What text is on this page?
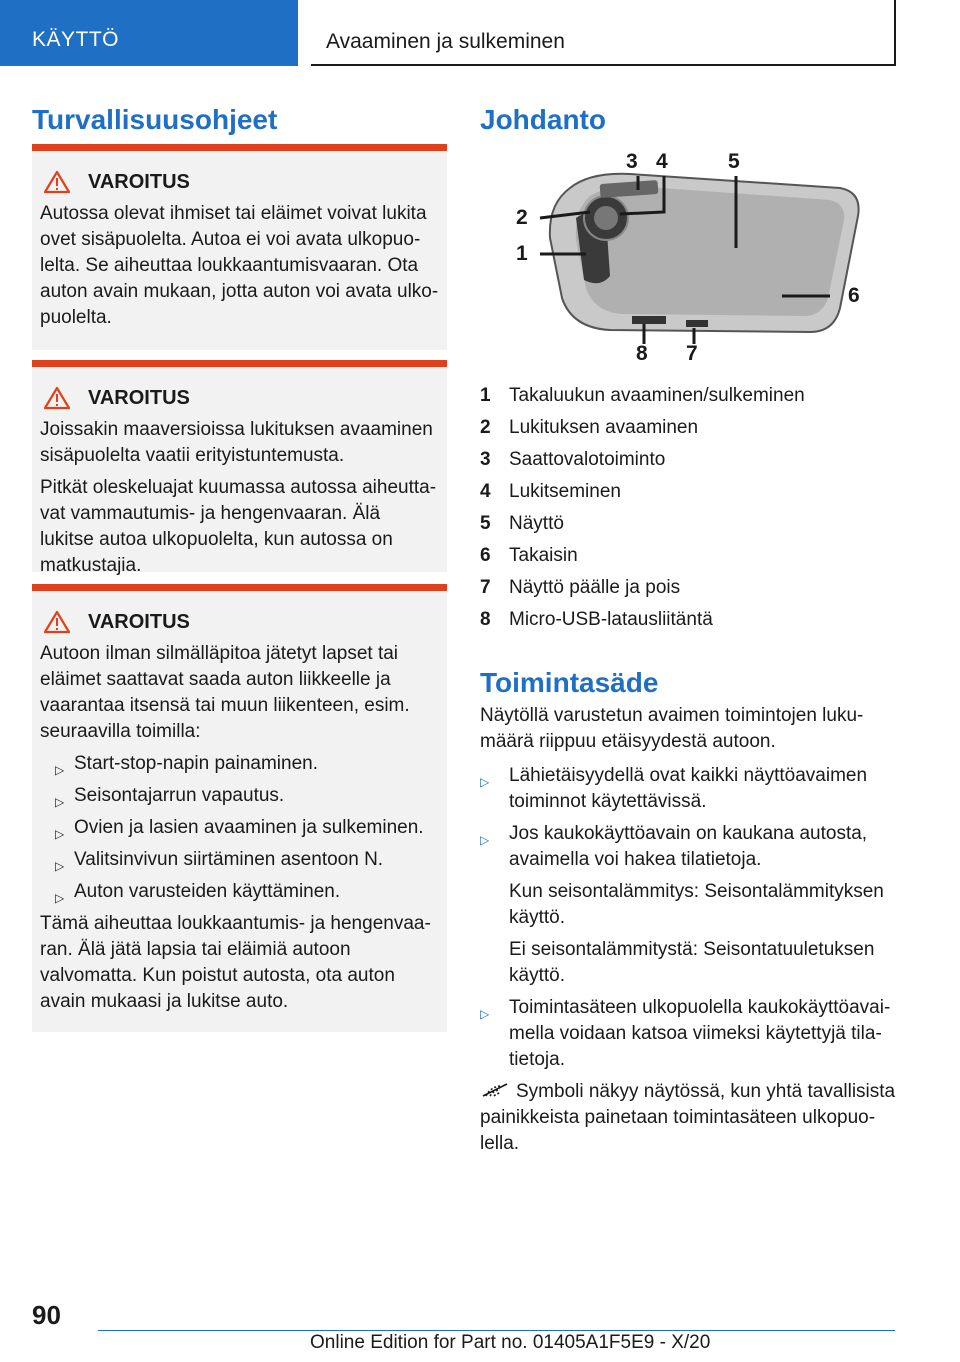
KÄYTTÖ	Avaaminen ja sulkeminen
Turvallisuusohjeet
VAROITUS

Autossa olevat ihmiset tai eläimet voivat lukita ovet sisäpuolelta. Autoa ei voi avata ulkopuolelta. Se aiheuttaa loukkaantumisvaaran. Ota auton avain mukaan, jotta auton voi avata ulkopuolelta.

VAROITUS

Joissakin maaversioissa lukituksen avaaminen sisäpuolelta vaatii erityistuntemusta.

Pitkät oleskeluajat kuumassa autossa aiheuttavat vammautumis- ja hengenvaaran. Älä lukitse autoa ulkopuolelta, kun autossa on matkustajia.

VAROITUS

Autoon ilman silmälläpitoa jätetyt lapset tai eläimet saattavat saada auton liikkeelle ja vaarantaa itsensä tai muun liikenteen, esim. seuraavilla toimilla:

▷ Start-stop-napin painaminen.
▷ Seisontajarrun vapautus.
▷ Ovien ja lasien avaaminen ja sulkeminen.
▷ Valitsinvivun siirtäminen asentoon N.
▷ Auton varusteiden käyttäminen.

Tämä aiheuttaa loukkaantumis- ja hengenvaaran. Älä jätä lapsia tai eläimiä autoon valvomatta. Kun poistut autosta, ota auton avain mukaasi ja lukitse auto.

Johdanto
3 4	5
2
1
6
8 7
1 Takaluukun avaaminen/sulkeminen
2 Lukituksen avaaminen
3 Saattovalotoiminto
4 Lukitseminen
5 Näyttö
6 Takaisin
7 Näyttö päälle ja pois
8 Micro-USB-latausliitäntä
Toimintasäde

Näytöllä varustetun avaimen toimintojen lukumäärä riippuu etäisyydestä autoon.

▷ Lähietäisyydellä ovat kaikki näyttöavaimen toiminnot käytettävissä.
▷ Jos kaukokäyttöavain on kaukana autosta, avaimella voi hakea tilatietoja.

Kun seisontalämmitys: Seisontalämmityksen käyttö.

Ei seisontalämmitystä: Seisontatuuletuksen käyttö.

▷ Toimintasäteen ulkopuolella kaukokäyttöavaimella voidaan katsoa viimeksi käytettyjä tilatietoja.

Symboli näkyy näytössä, kun yhtä tavallisista painikkeista painetaan toimintasäteen ulkopuolella.

90
Online Edition for Part no. 01405A1F5E9 - X/20
